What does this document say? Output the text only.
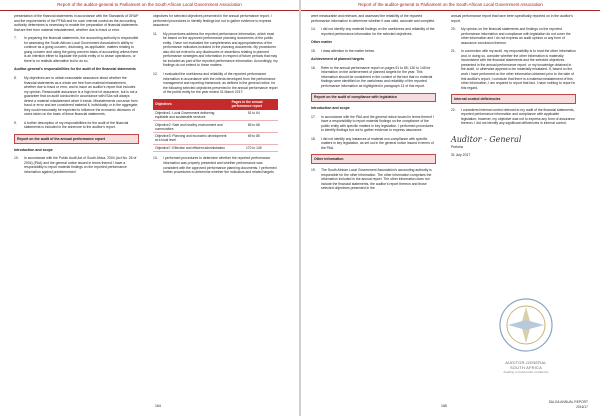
Report of the auditor-general to Parliament on the South African Local Government Association

presentation of the financial statements in accordance with the Standards of GRAP and the requirements of the PFMA and for such internal control as the accounting authority determines is necessary to enable the preparation of financial statements that are free from material misstatement, whether due to fraud or error.

7.	In preparing the financial statements, the accounting authority is responsible for assessing the South African Local Government Association's ability to continue as a going concern, disclosing, as applicable, matters relating to going concern and using the going concern basis of accounting unless there is an intention either to liquidate the public entity or to cease operations, or there is no realistic alternative but to do so.
Auditor-general's responsibilities for the audit of the financial statements
8.	My objectives are to obtain reasonable assurance about whether the financial statements as a whole are free from material misstatement, whether due to fraud or error, and to issue an auditor's report that includes my opinion. Reasonable assurance is a high level of assurance, but is not a guarantee that an audit conducted in accordance with ISAs will always detect a material misstatement when it exists. Misstatements can arise from fraud or error and are considered material if, individually or in the aggregate, they could reasonably be expected to influence the economic decisions of users taken on the basis of these financial statements.
9.	A further description of my responsibilities for the audit of the financial statements is included in the annexure to the auditor's report.
Report on the audit of the annual performance report
Introduction and scope
10.	In accordance with the Public Audit Act of South Africa, 2004 (Act No. 25 of 2004) (PAA) and the general notice issued in terms thereof I have a responsibility to report material findings on the reported performance information against predetermined

objectives for selected objectives presented in the annual performance report. I performed procedures to identify findings but not to gather evidence to express assurance.

11.	My procedures address the reported performance information, which must be based on the approved performance planning documents of the public entity. I have not evaluated the completeness and appropriateness of the performance indicators included in the planning documents. My procedures also did not extend to any disclosures or assertions relating to planned performance strategies and information in respect of future periods that may be included as part of the reported performance information. Accordingly, my findings do not extend to these matters.
12.	I evaluated the usefulness and reliability of the reported performance information in accordance with the criteria developed from the performance management and reporting framework, as defined in the general notice, for the following selected objectives presented in the annual performance report of the public entity for the year ended 31 March 2017:
Objectives	Pages in the annual performance report
Objective1: Local Government delivering equitable and sustainable services	51 to 64
Objective2: Safe and healthy environment and communities	65 to 68
Objective3: Planning and economic development at a local level	69 to 85
Objective7: Effective and efficient administration	170 to 145
13.	I performed procedures to determine whether the reported performance information was properly presented and whether performance was consistent with the approved performance planning documents. I performed further procedures to determine whether the indicators and related targets
164
Report of the auditor-general to Parliament on the South African Local Government Association

were measurable and relevant, and assessed the reliability of the reported performance information to determine whether it was valid, accurate and complete.

14.	I did not identify any material findings on the usefulness and reliability of the reported performance information for the selected objectives.
Other matter
15.	I draw attention to the matter below.
Achievement of planned targets
16.	Refer to the annual performance report on pages 51 to 85; 130 to 145 for information on the achievement of planned targets for the year. This information should be considered in the context of the fact that no material findings were identified on the usefulness and reliability of the reported performance information as highlighted in paragraph 14 of this report.
Report on the audit of compliance with legislation
Introduction and scope
17.	In accordance with the PAA and the general notice issued in terms thereof I have a responsibility to report material findings on the compliance of the public entity with specific matters in key legislation. I performed procedures to identify findings but not to gather evidence to express assurance.
18.	I did not identify any instances of material non-compliance with specific matters in key legislation, as set out in the general notice issued in terms of the PAA.
Other information
19.	The South African Local Government Association's accounting authority is responsible for the other information. The other information comprises the information included in the annual report. The other information does not include the financial statements, the auditor's report thereon and those selected objectives presented in the

annual performance report that have been specifically reported on in the auditor's report.

20.	My opinion on the financial statements and findings on the reported performance information and compliance with legislation do not cover the other information and I do not express an audit opinion or any form of assurance conclusion thereon.
21.	In connection with my audit, my responsibility is to read the other information and, in doing so, consider whether the other information is materially inconsistent with the financial statements and the selected objectives presented in the annual performance report, or my knowledge obtained in the audit, or otherwise appears to be materially misstated. If, based on the work I have performed on the other information obtained prior to the date of this auditor's report, I conclude that there is a material misstatement of this other information, I am required to report that fact. I have nothing to report in this regard.
Internal control deficiencies
22.	I considered internal control relevant to my audit of the financial statements, reported performance information and compliance with applicable legislation; however, my objective was not to express any form of assurance thereon. I did not identify any significant deficiencies in internal control.
Auditor - General
Pretoria
31 July 2017
AUDITOR-GENERAL
SOUTH AFRICA
Auditing to build public confidence
165
SALGA ANNUAL REPORT
2016/17
